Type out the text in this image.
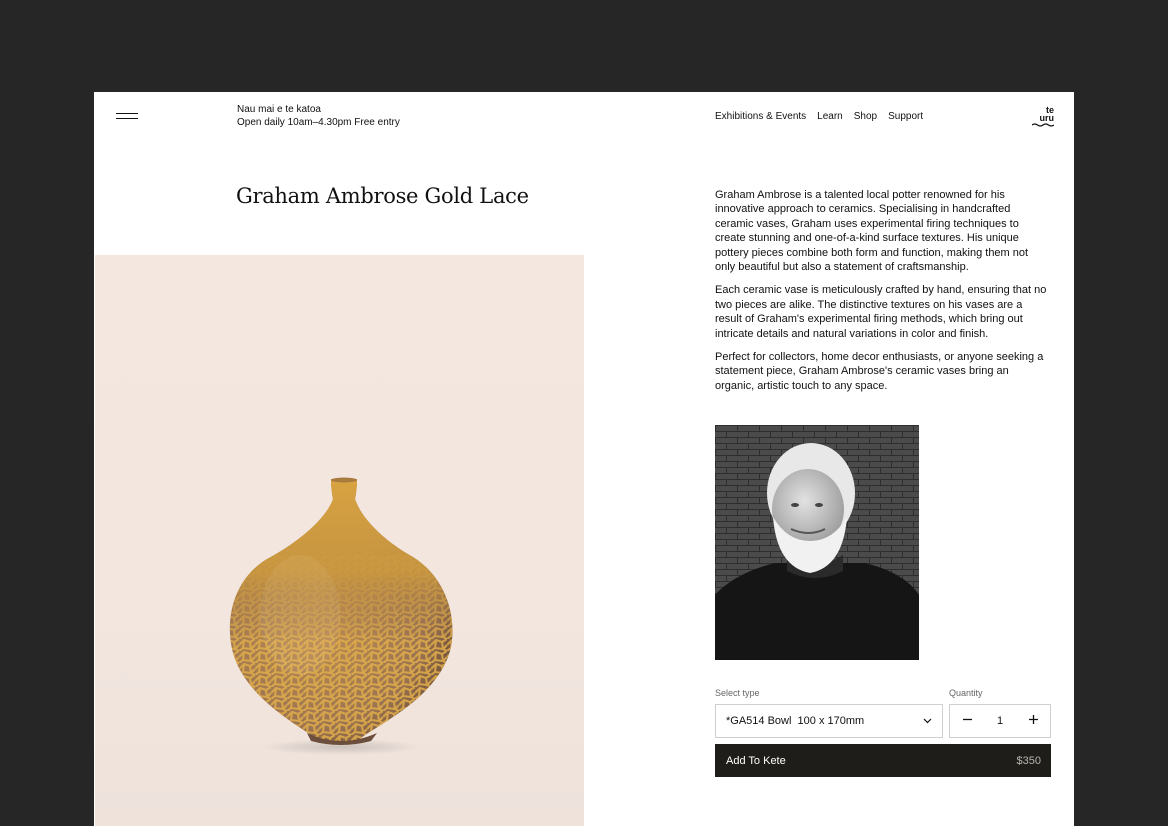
Nau mai e te katoa
Open daily 10am–4.30pm Free entry	Exhibitions & Events Learn Shop Support
te
uru
Graham Ambrose Gold Lace	Graham Ambrose is a talented local potter renowned for his innovative approach to ceramics. Specialising in handcrafted ceramic vases, Graham uses experimental firing techniques to create stunning and one-of-a-kind surface textures. His unique pottery pieces combine both form and function, making them not only beautiful but also a statement of craftsmanship.

Each ceramic vase is meticulously crafted by hand, ensuring that no two pieces are alike. The distinctive textures on his vases are a result of Graham's experimental firing methods, which bring out intricate details and natural variations in color and finish.

Perfect for collectors, home decor enthusiasts, or anyone seeking a statement piece, Graham Ambrose's ceramic vases bring an organic, artistic touch to any space.

Select type	Quantity
*GA514 Bowl  100 x 170mm	1
Add To Kete	$350
